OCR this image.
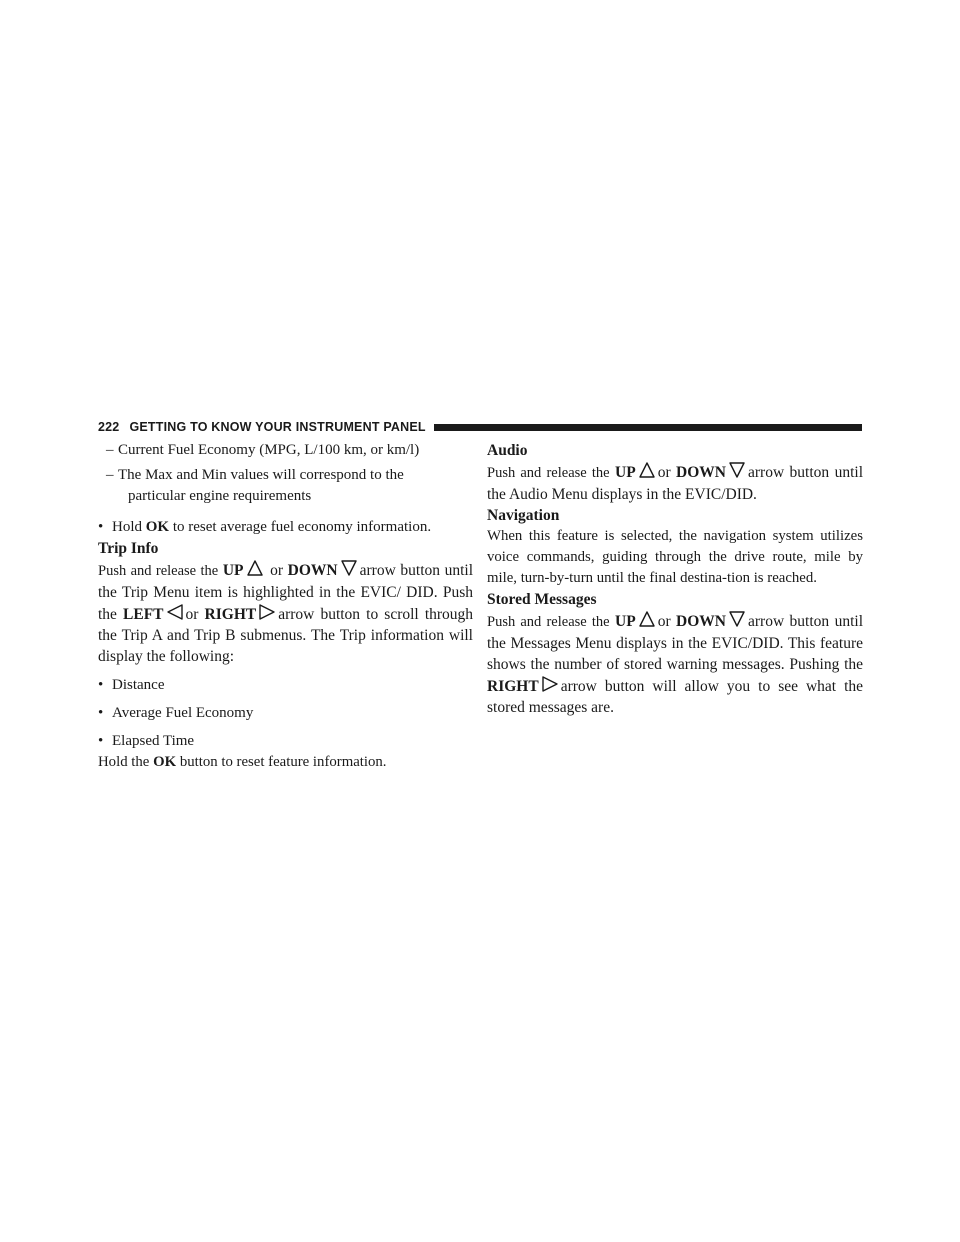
222 GETTING TO KNOW YOUR INSTRUMENT PANEL

– Current Fuel Economy (MPG, L/100 km, or km/l)

– The Max and Min values will correspond to the
particular engine requirements

• Hold OK to reset average fuel economy information.

Trip Info

Push and release the UP or DOWN arrow button until the Trip Menu item is highlighted in the EVIC/ DID. Push the LEFT or RIGHT arrow button to scroll through the Trip A and Trip B submenus. The Trip information will display the following:

• Distance

• Average Fuel Economy

• Elapsed Time

Hold the OK button to reset feature information.

Audio

Push and release the UP or DOWN arrow button until the Audio Menu displays in the EVIC/DID.

Navigation

When this feature is selected, the navigation system utilizes voice commands, guiding through the drive route, mile by mile, turn-by-turn until the final destina-tion is reached.

Stored Messages

Push and release the UP or DOWN arrow button until the Messages Menu displays in the EVIC/DID. This feature shows the number of stored warning messages. Pushing the RIGHT arrow button will allow you to see what the stored messages are.
